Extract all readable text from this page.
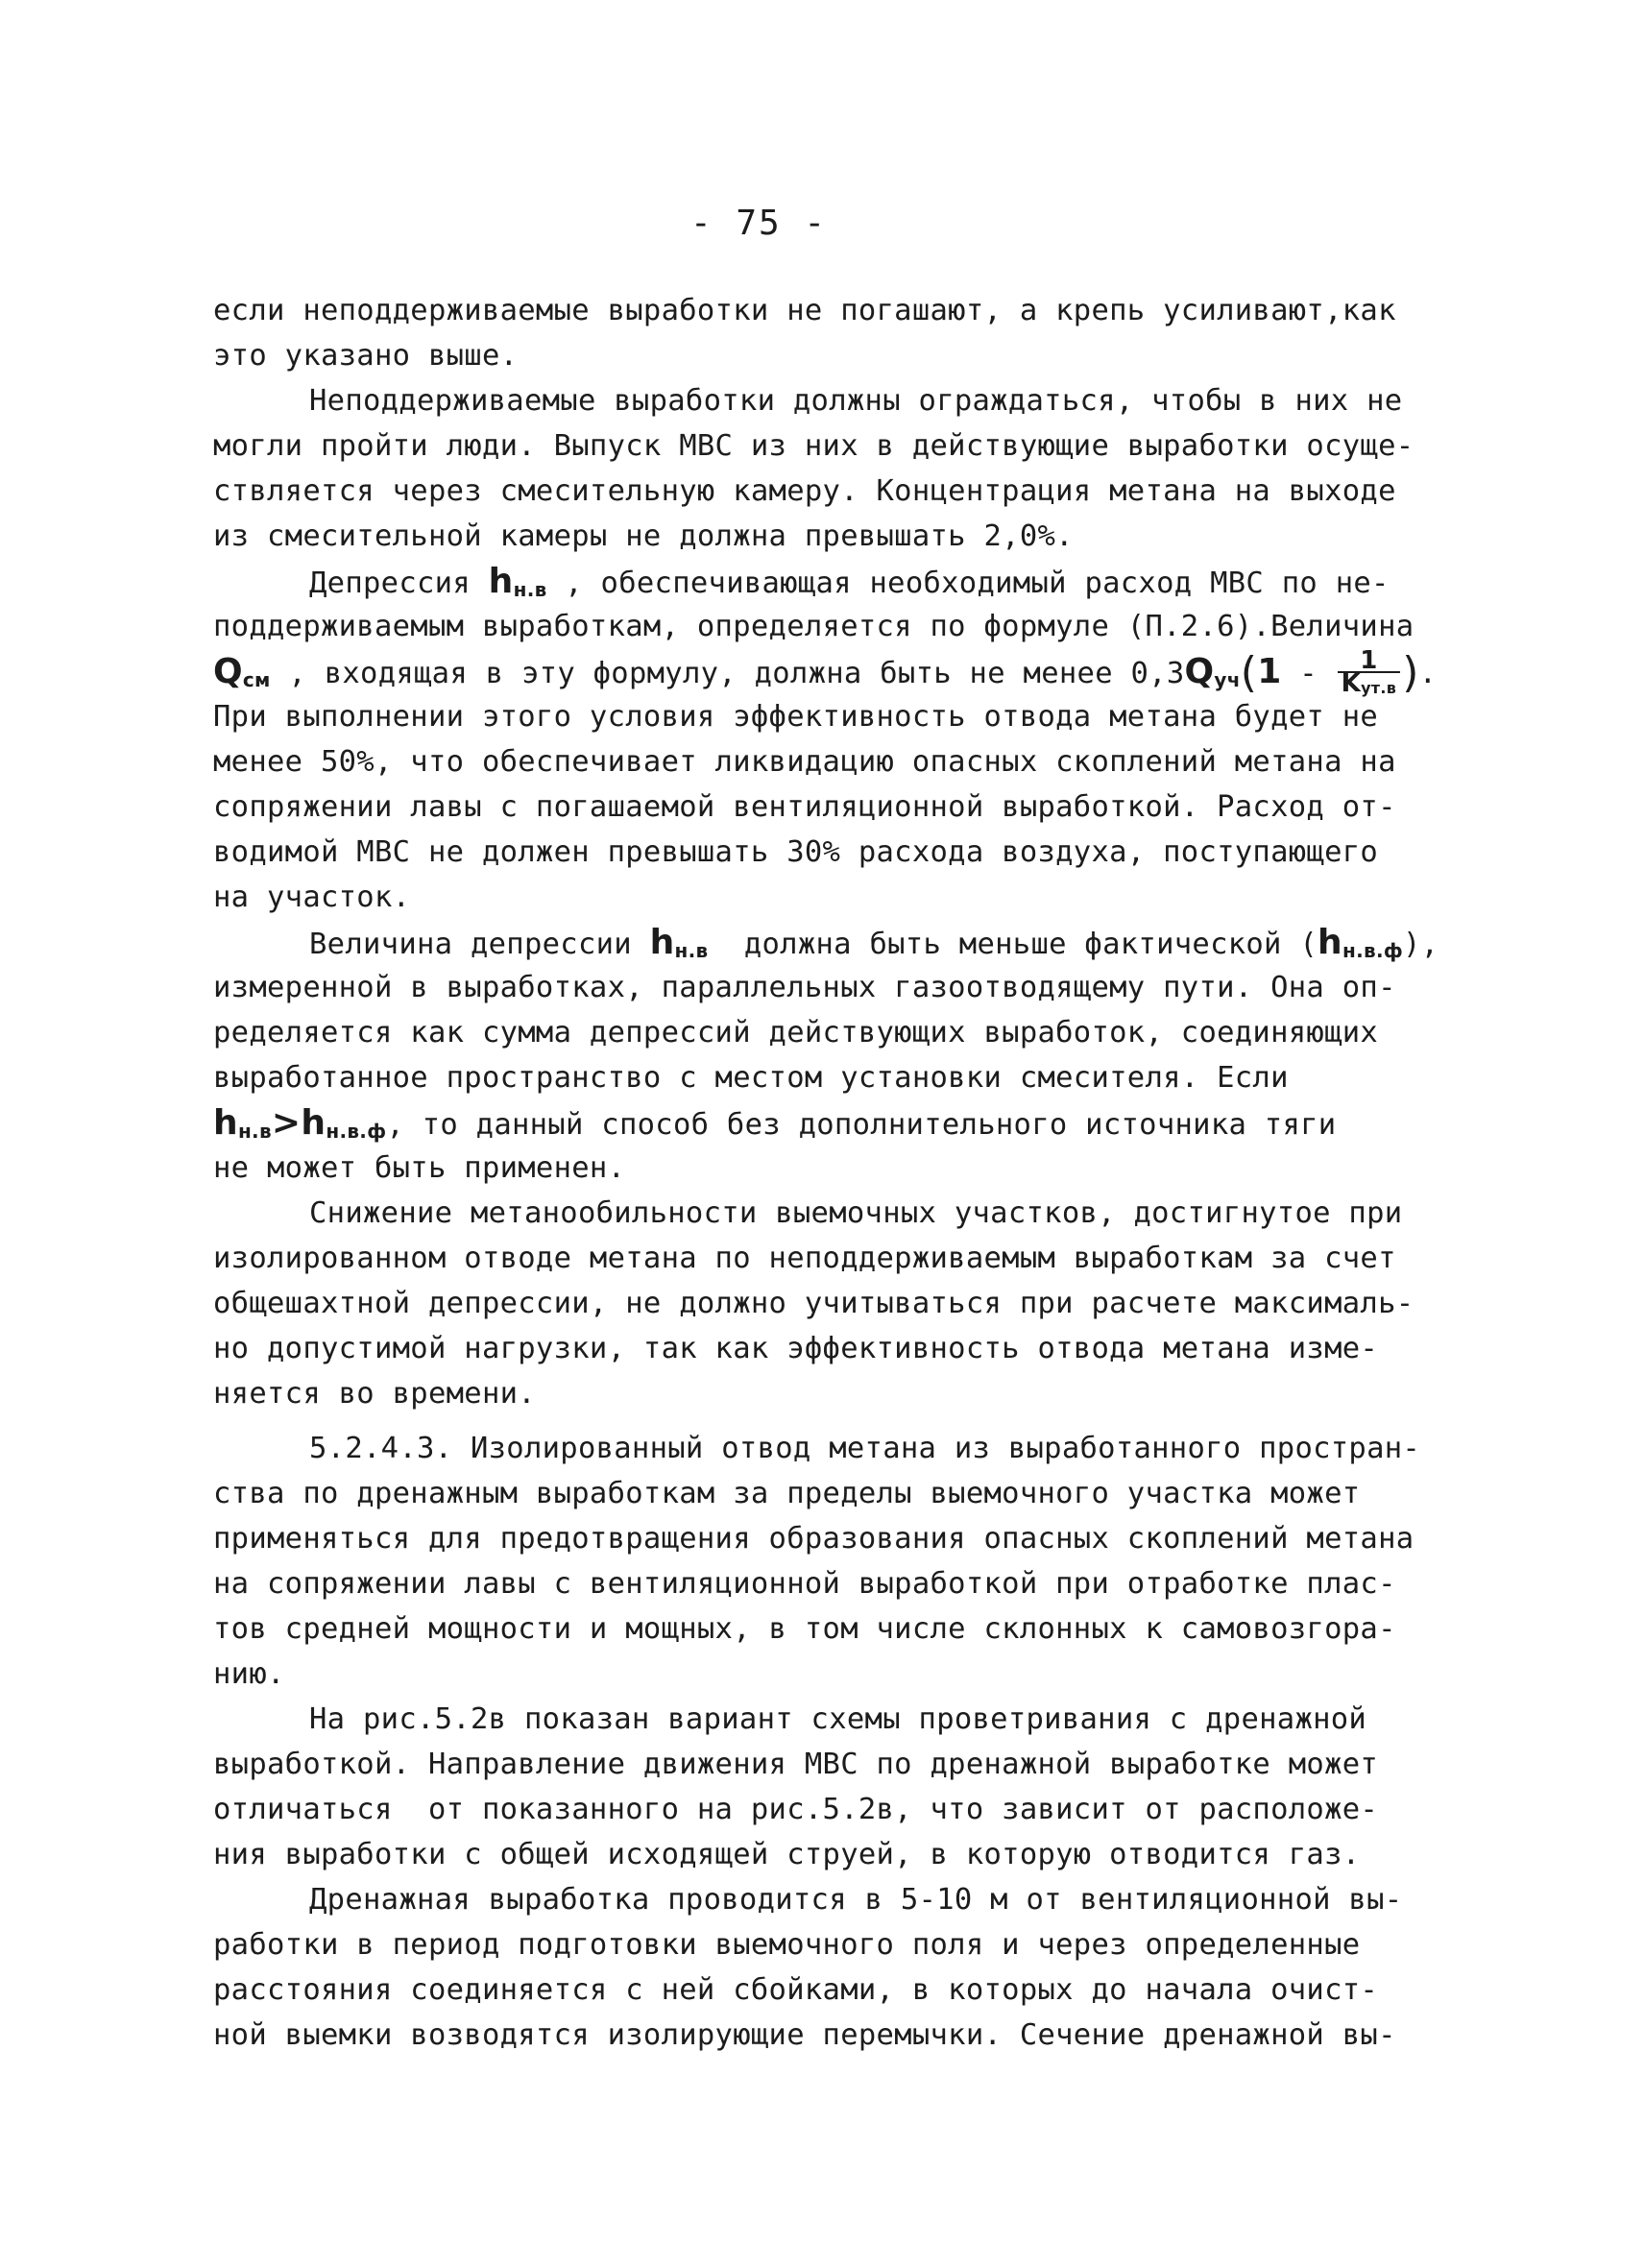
- 75 -
если неподдерживаемые выработки не погашают, а крепь усиливают,как
это указано выше.
Неподдерживаемые выработки должны ограждаться, чтобы в них не
могли пройти люди. Выпуск МВС из них в действующие выработки осуще-
ствляется через смесительную камеру. Концентрация метана на выходе
из смесительной камеры не должна превышать 2,0%.
Депрессия $h_{н.в}$ , обеспечивающая необходимый расход МВС по не-
поддерживаемым выработкам, определяется по формуле (П.2.6).Величина
$Q_{см}$ , входящая в эту формулу, должна быть не менее $0,3Q_{уч}(1 - \frac{1}{K_{ут.в}}$ ).
При выполнении этого условия эффективность отвода метана будет не
менее 50%, что обеспечивает ликвидацию опасных скоплений метана на
сопряжении лавы с погашаемой вентиляционной выработкой. Расход от-
водимой МВС не должен превышать 30% расхода воздуха, поступающего
на участок.
Величина депрессии $h_{н.в}$  должна быть меньше фактической $(h_{н.в.ф})$,
измеренной в выработках, параллельных газоотводящему пути. Она оп-
ределяется как сумма депрессий действующих выработок, соединяющих
выработанное пространство с местом установки смесителя. Если
$h_{н.в}>h_{н.в.ф}$, то данный способ без дополнительного источника тяги
не может быть применен.
Снижение метанообильности выемочных участков, достигнутое при
изолированном отводе метана по неподдерживаемым выработкам за счет
общешахтной депрессии, не должно учитываться при расчете максималь-
но допустимой нагрузки, так как эффективность отвода метана изме-
няется во времени.
5.2.4.3. Изолированный отвод метана из выработанного простран-
ства по дренажным выработкам за пределы выемочного участка может
применяться для предотвращения образования опасных скоплений метана
на сопряжении лавы с вентиляционной выработкой при отработке плас-
тов средней мощности и мощных, в том числе склонных к самовозгора-
нию.
На рис.5.2в показан вариант схемы проветривания с дренажной
выработкой. Направление движения МВС по дренажной выработке может
отличаться  от показанного на рис.5.2в, что зависит от расположе-
ния выработки с общей исходящей струей, в которую отводится газ.
Дренажная выработка проводится в 5-10 м от вентиляционной вы-
работки в период подготовки выемочного поля и через определенные
расстояния соединяется с ней сбойками, в которых до начала очист-
ной выемки возводятся изолирующие перемычки. Сечение дренажной вы-
